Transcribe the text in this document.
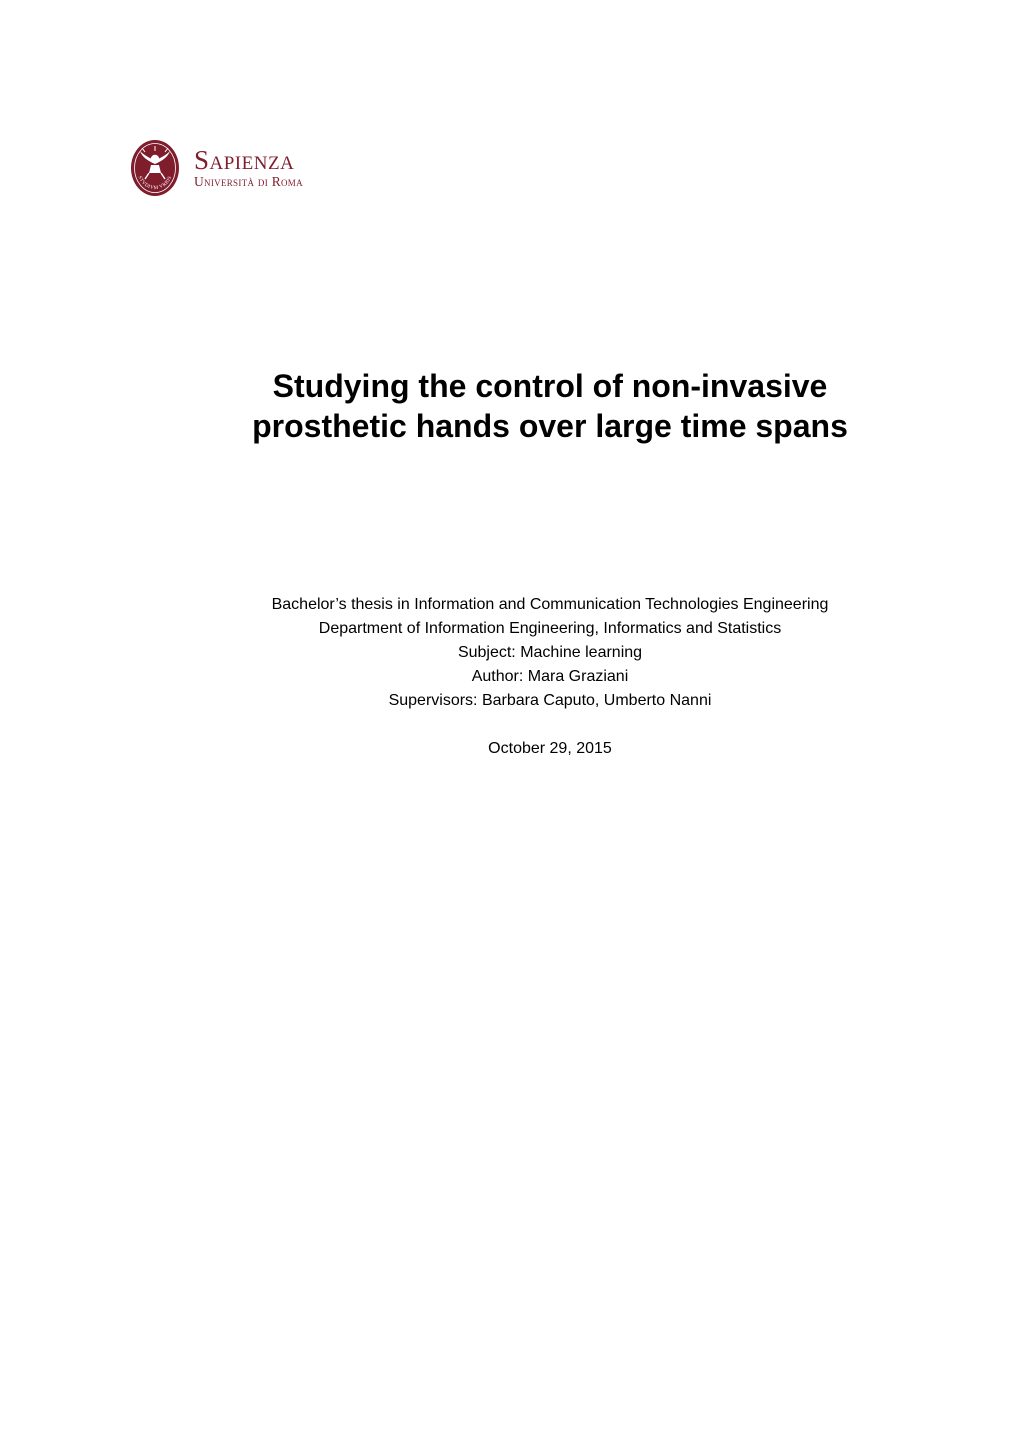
STVDIVM VRBIS
Sapienza
Università di Roma
Studying the control of non-invasive
prosthetic hands over large time spans
Bachelor’s thesis in Information and Communication Technologies Engineering
Department of Information Engineering, Informatics and Statistics
Subject: Machine learning
Author: Mara Graziani
Supervisors: Barbara Caputo, Umberto Nanni
October 29, 2015
